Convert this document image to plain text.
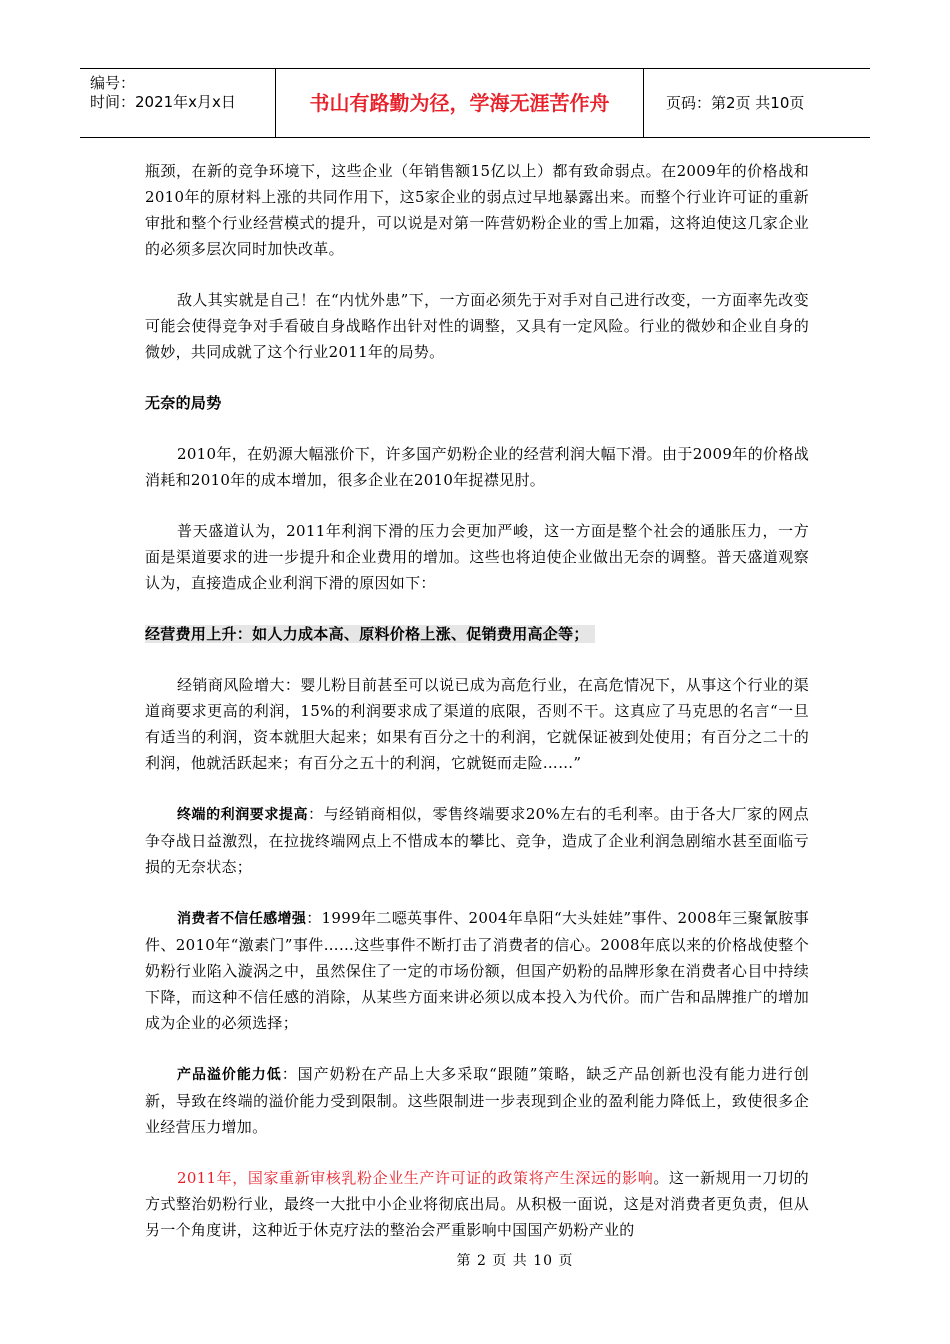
编号：
时间：2021年x月x日	书山有路勤为径，学海无涯苦作舟	页码：第2页 共10页

瓶颈，在新的竞争环境下，这些企业（年销售额15亿以上）都有致命弱点。在2009年的价格战和2010年的原材料上涨的共同作用下，这5家企业的弱点过早地暴露出来。而整个行业许可证的重新审批和整个行业经营模式的提升，可以说是对第一阵营奶粉企业的雪上加霜，这将迫使这几家企业的必须多层次同时加快改革。

敌人其实就是自己！在“内忧外患”下，一方面必须先于对手对自己进行改变，一方面率先改变可能会使得竞争对手看破自身战略作出针对性的调整，又具有一定风险。行业的微妙和企业自身的微妙，共同成就了这个行业2011年的局势。

无奈的局势

2010年，在奶源大幅涨价下，许多国产奶粉企业的经营利润大幅下滑。由于2009年的价格战消耗和2010年的成本增加，很多企业在2010年捉襟见肘。

普天盛道认为，2011年利润下滑的压力会更加严峻，这一方面是整个社会的通胀压力，一方面是渠道要求的进一步提升和企业费用的增加。这些也将迫使企业做出无奈的调整。普天盛道观察认为，直接造成企业利润下滑的原因如下：

经营费用上升：如人力成本高、原料价格上涨、促销费用高企等；

经销商风险增大：婴儿粉目前甚至可以说已成为高危行业，在高危情况下，从事这个行业的渠道商要求更高的利润，15%的利润要求成了渠道的底限，否则不干。这真应了马克思的名言“一旦有适当的利润，资本就胆大起来；如果有百分之十的利润，它就保证被到处使用；有百分之二十的利润，他就活跃起来；有百分之五十的利润，它就铤而走险……”

终端的利润要求提高：与经销商相似，零售终端要求20%左右的毛利率。由于各大厂家的网点争夺战日益激烈，在拉拢终端网点上不惜成本的攀比、竞争，造成了企业利润急剧缩水甚至面临亏损的无奈状态；

消费者不信任感增强：1999年二噁英事件、2004年阜阳“大头娃娃”事件、2008年三聚氰胺事件、2010年“激素门”事件……这些事件不断打击了消费者的信心。2008年底以来的价格战使整个奶粉行业陷入漩涡之中，虽然保住了一定的市场份额，但国产奶粉的品牌形象在消费者心目中持续下降，而这种不信任感的消除，从某些方面来讲必须以成本投入为代价。而广告和品牌推广的增加成为企业的必须选择；

产品溢价能力低：国产奶粉在产品上大多采取“跟随”策略，缺乏产品创新也没有能力进行创新，导致在终端的溢价能力受到限制。这些限制进一步表现到企业的盈利能力降低上，致使很多企业经营压力增加。

2011年，国家重新审核乳粉企业生产许可证的政策将产生深远的影响。这一新规用一刀切的方式整治奶粉行业，最终一大批中小企业将彻底出局。从积极一面说，这是对消费者更负责，但从另一个角度讲，这种近于休克疗法的整治会严重影响中国国产奶粉产业的

第 2 页 共 10 页
